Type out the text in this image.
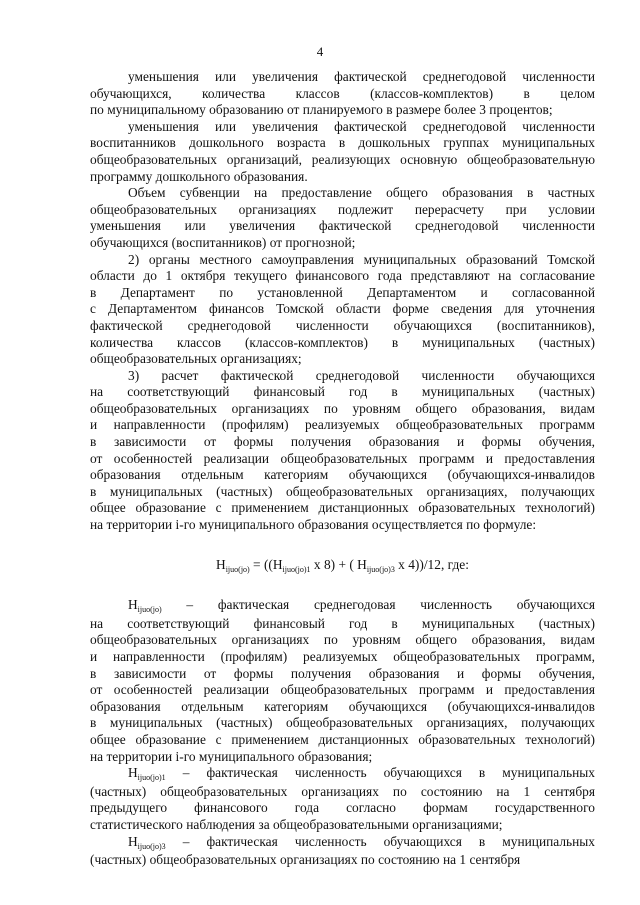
4
уменьшения или увеличения фактической среднегодовой численности
обучающихся, количества классов (классов-комплектов) в целом
по муниципальному образованию от планируемого в размере более 3 процентов;
уменьшения или увеличения фактической среднегодовой численности
воспитанников дошкольного возраста в дошкольных группах муниципальных
общеобразовательных организаций, реализующих основную общеобразовательную
программу дошкольного образования.
Объем субвенции на предоставление общего образования в частных
общеобразовательных организациях подлежит перерасчету при условии
уменьшения или увеличения фактической среднегодовой численности
обучающихся (воспитанников) от прогнозной;
2) органы местного самоуправления муниципальных образований Томской
области до 1 октября текущего финансового года представляют на согласование
в Департамент по установленной Департаментом и согласованной
с Департаментом финансов Томской области форме сведения для уточнения
фактической среднегодовой численности обучающихся (воспитанников),
количества классов (классов-комплектов) в муниципальных (частных)
общеобразовательных организациях;
3) расчет фактической среднегодовой численности обучающихся
на соответствующий финансовый год в муниципальных (частных)
общеобразовательных организациях по уровням общего образования, видам
и направленности (профилям) реализуемых общеобразовательных программ
в зависимости от формы получения образования и формы обучения,
от особенностей реализации общеобразовательных программ и предоставления
образования отдельным категориям обучающихся (обучающихся-инвалидов
в муниципальных (частных) общеобразовательных организациях, получающих
общее образование с применением дистанционных образовательных технологий)
на территории i-го муниципального образования осуществляется по формуле:
$Н_{ijuo(jo)} = ((Н_{ijuo(jo)1}$ х 8) + ( $Н_{ijuo(jo)3}$ х 4))/12, где:
$Н_{ijuo(jo)}$ – фактическая среднегодовая численность обучающихся
на соответствующий финансовый год в муниципальных (частных)
общеобразовательных организациях по уровням общего образования, видам
и направленности (профилям) реализуемых общеобразовательных программ,
в зависимости от формы получения образования и формы обучения,
от особенностей реализации общеобразовательных программ и предоставления
образования отдельным категориям обучающихся (обучающихся-инвалидов
в муниципальных (частных) общеобразовательных организациях, получающих
общее образование с применением дистанционных образовательных технологий)
на территории i-го муниципального образования;
$Н_{ijuo(jo)1}$ – фактическая численность обучающихся в муниципальных
(частных) общеобразовательных организациях по состоянию на 1 сентября
предыдущего финансового года согласно формам государственного
статистического наблюдения за общеобразовательными организациями;
$Н_{ijuo(jo)3}$ – фактическая численность обучающихся в муниципальных
(частных) общеобразовательных организациях по состоянию на 1 сентября
